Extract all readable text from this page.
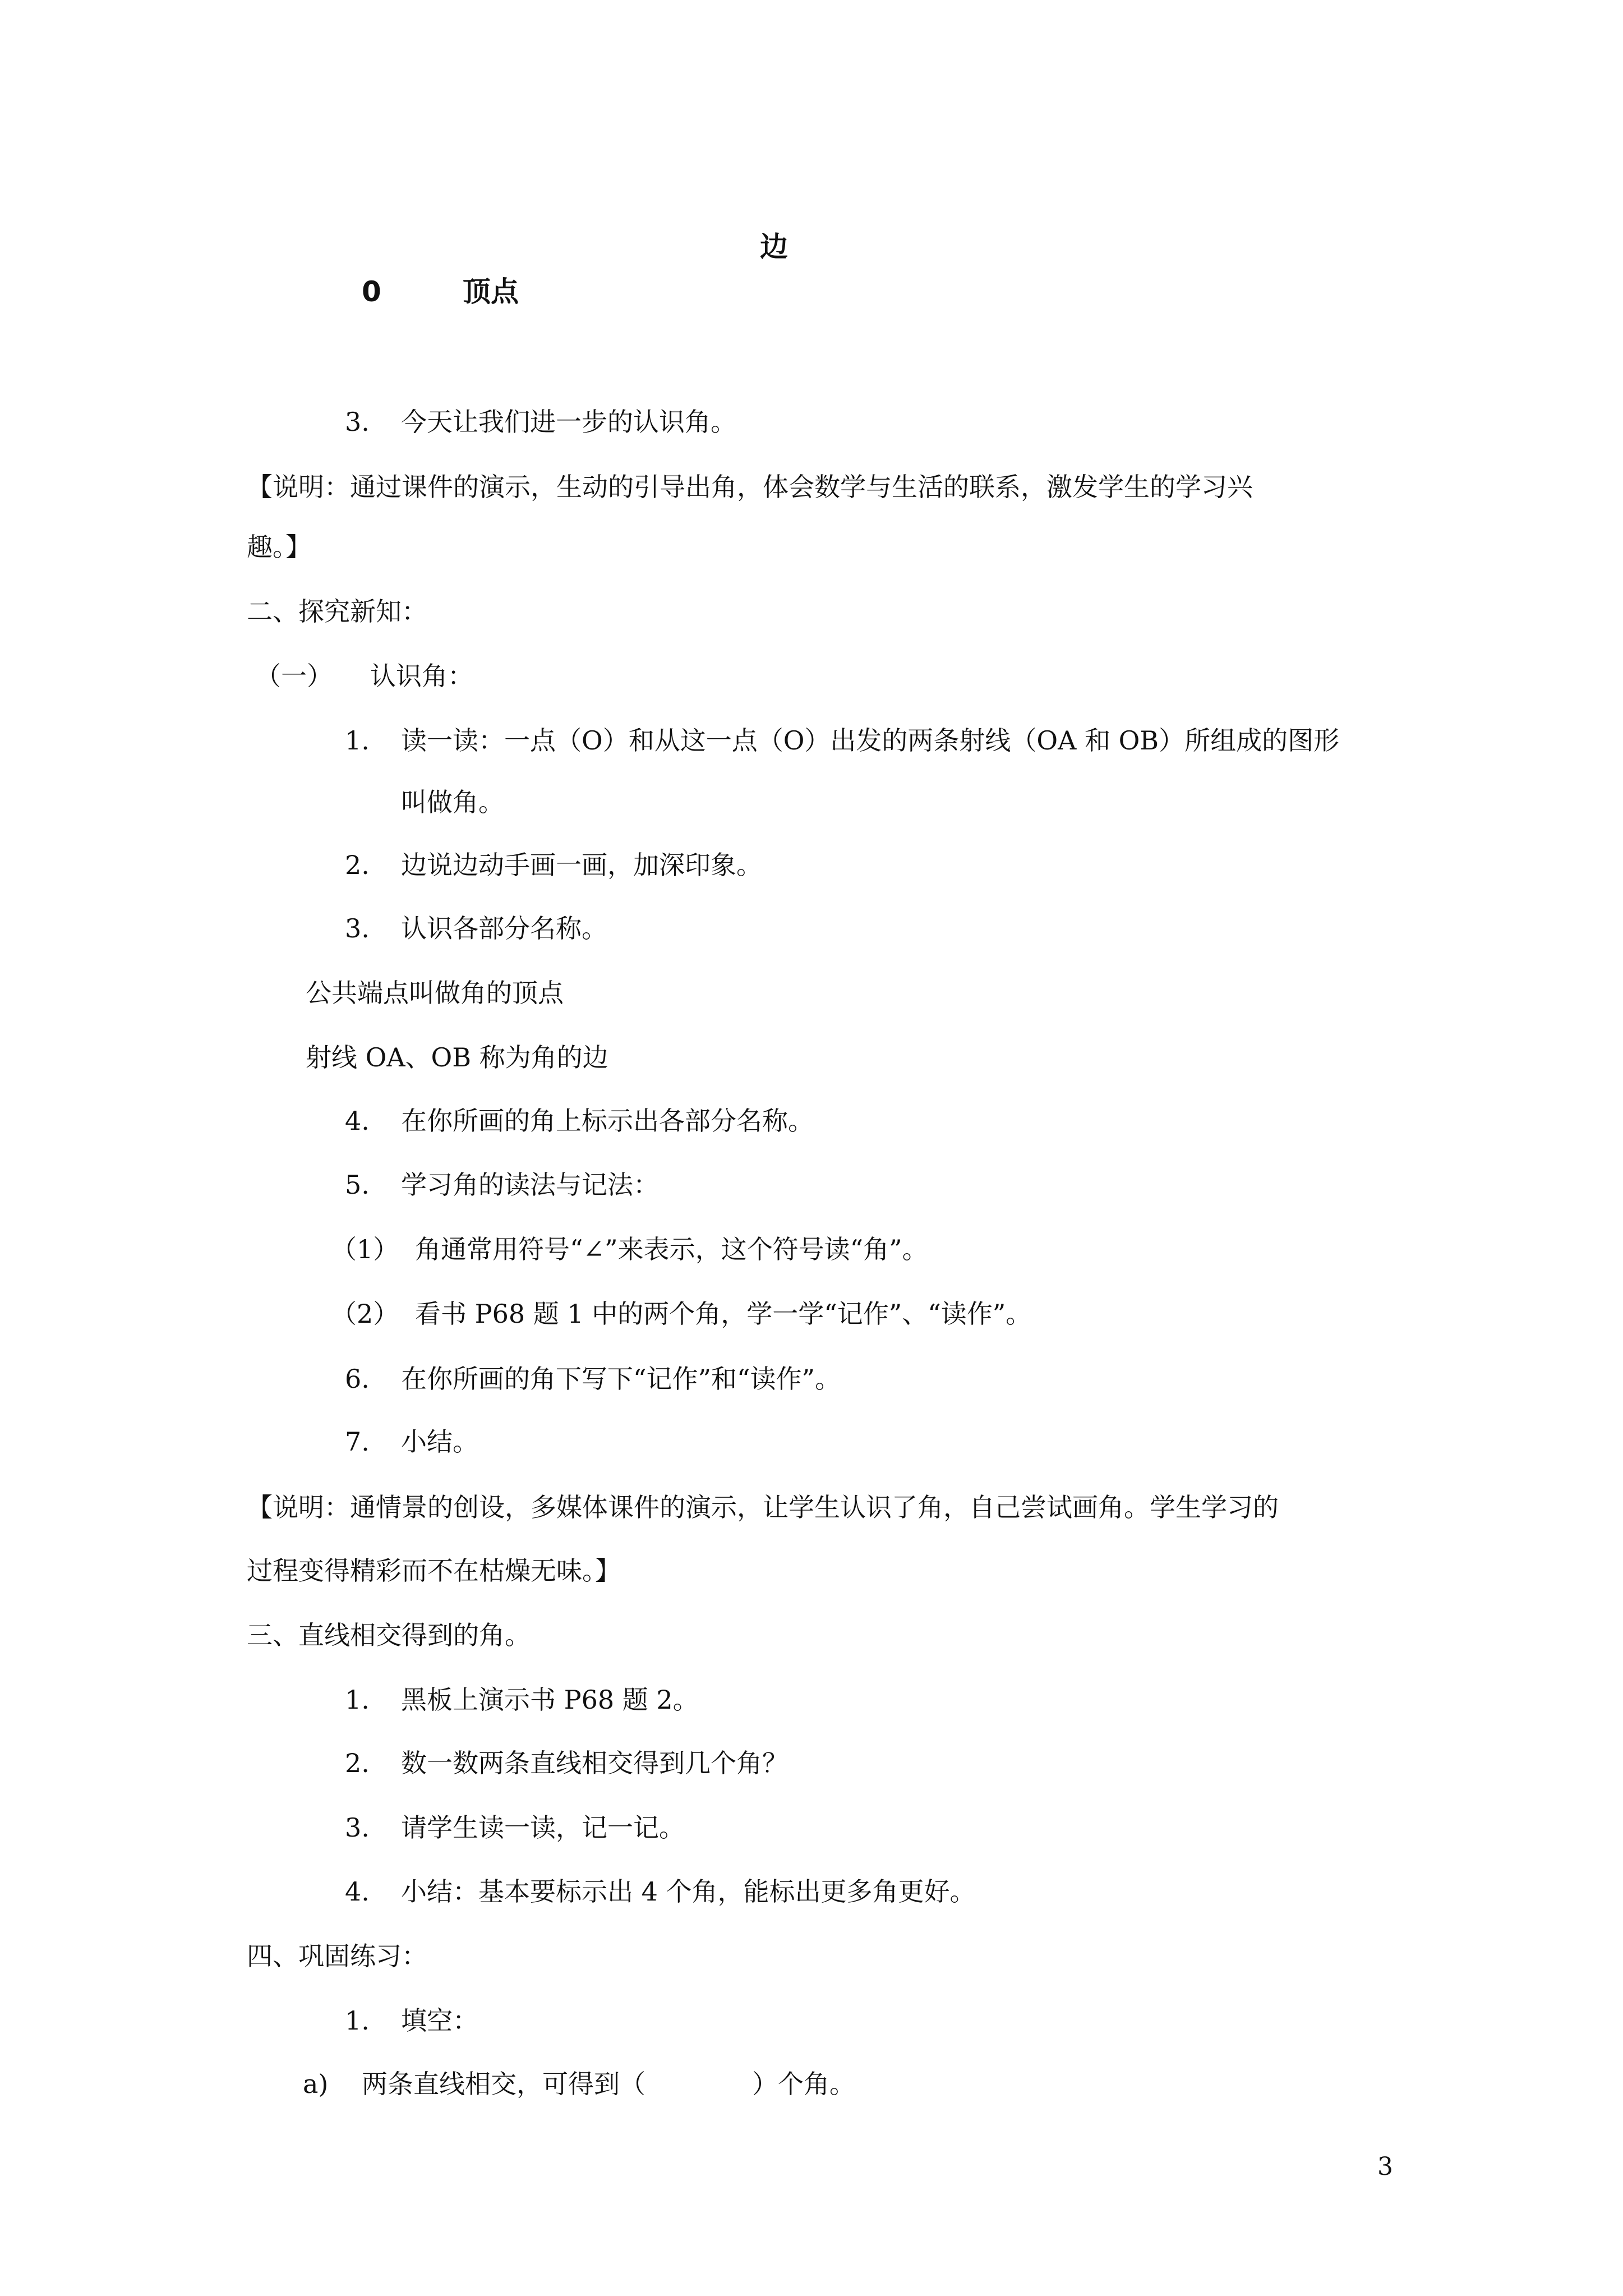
边
0	顶点
3. 今天让我们进一步的认识角。
【说明：通过课件的演示，生动的引导出角，体会数学与生活的联系，激发学生的学习兴
趣。】
二、探究新知：
（一） 认识角：
1. 读一读：一点（O）和从这一点（O）出发的两条射线（OA 和 OB）所组成的图形
叫做角。
2. 边说边动手画一画，加深印象。
3. 认识各部分名称。
公共端点叫做角的顶点
射线 OA、OB 称为角的边
4. 在你所画的角上标示出各部分名称。
5. 学习角的读法与记法：
（1） 角通常用符号“∠”来表示，这个符号读“角”。
（2） 看书 P68 题 1 中的两个角，学一学“记作”、“读作”。
6. 在你所画的角下写下“记作”和“读作”。
7. 小结。
【说明：通情景的创设，多媒体课件的演示，让学生认识了角，自己尝试画角。学生学习的
过程变得精彩而不在枯燥无味。】
三、直线相交得到的角。
1. 黑板上演示书 P68 题 2。
2. 数一数两条直线相交得到几个角？
3. 请学生读一读，记一记。
4. 小结：基本要标示出 4 个角，能标出更多角更好。
四、巩固练习：
1. 填空：
a) 两条直线相交，可得到（	）个角。
3
